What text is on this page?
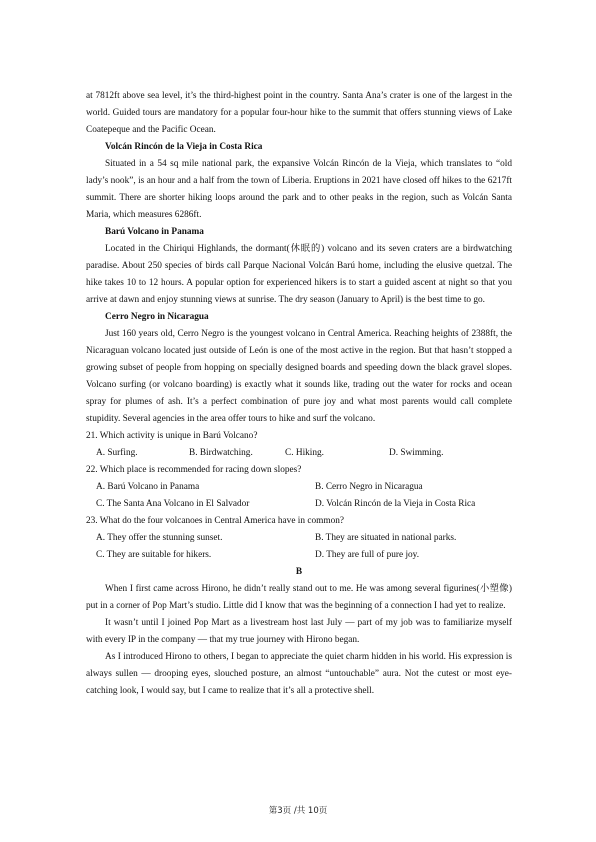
at 7812ft above sea level, it’s the third-highest point in the country. Santa Ana’s crater is one of the largest in the world. Guided tours are mandatory for a popular four-hour hike to the summit that offers stunning views of Lake Coatepeque and the Pacific Ocean.

Volcán Rincón de la Vieja in Costa Rica

Situated in a 54 sq mile national park, the expansive Volcán Rincón de la Vieja, which translates to “old lady’s nook”, is an hour and a half from the town of Liberia. Eruptions in 2021 have closed off hikes to the 6217ft summit. There are shorter hiking loops around the park and to other peaks in the region, such as Volcán Santa Maria, which measures 6286ft.

Barú Volcano in Panama

Located in the Chiriqui Highlands, the dormant(休眠的) volcano and its seven craters are a birdwatching paradise. About 250 species of birds call Parque Nacional Volcán Barú home, including the elusive quetzal. The hike takes 10 to 12 hours. A popular option for experienced hikers is to start a guided ascent at night so that you arrive at dawn and enjoy stunning views at sunrise. The dry season (January to April) is the best time to go.

Cerro Negro in Nicaragua

Just 160 years old, Cerro Negro is the youngest volcano in Central America. Reaching heights of 2388ft, the Nicaraguan volcano located just outside of León is one of the most active in the region. But that hasn’t stopped a growing subset of people from hopping on specially designed boards and speeding down the black gravel slopes. Volcano surfing (or volcano boarding) is exactly what it sounds like, trading out the water for rocks and ocean spray for plumes of ash. It’s a perfect combination of pure joy and what most parents would call complete stupidity. Several agencies in the area offer tours to hike and surf the volcano.

21. Which activity is unique in Barú Volcano?

A. Surfing.	B. Birdwatching.	C. Hiking.	D. Swimming.

22. Which place is recommended for racing down slopes?

A. Barú Volcano in Panama	B. Cerro Negro in Nicaragua
C. The Santa Ana Volcano in El Salvador	D. Volcán Rincón de la Vieja in Costa Rica

23. What do the four volcanoes in Central America have in common?

A. They offer the stunning sunset.	B. They are situated in national parks.
C. They are suitable for hikers.	D. They are full of pure joy.

B

When I first came across Hirono, he didn’t really stand out to me. He was among several figurines(小塑像) put in a corner of Pop Mart’s studio. Little did I know that was the beginning of a connection I had yet to realize.

It wasn’t until I joined Pop Mart as a livestream host last July — part of my job was to familiarize myself with every IP in the company — that my true journey with Hirono began.

As I introduced Hirono to others, I began to appreciate the quiet charm hidden in his world. His expression is always sullen — drooping eyes, slouched posture, an almost “untouchable” aura. Not the cutest or most eye-catching look, I would say, but I came to realize that it’s all a protective shell.

第3页 /共 10页
